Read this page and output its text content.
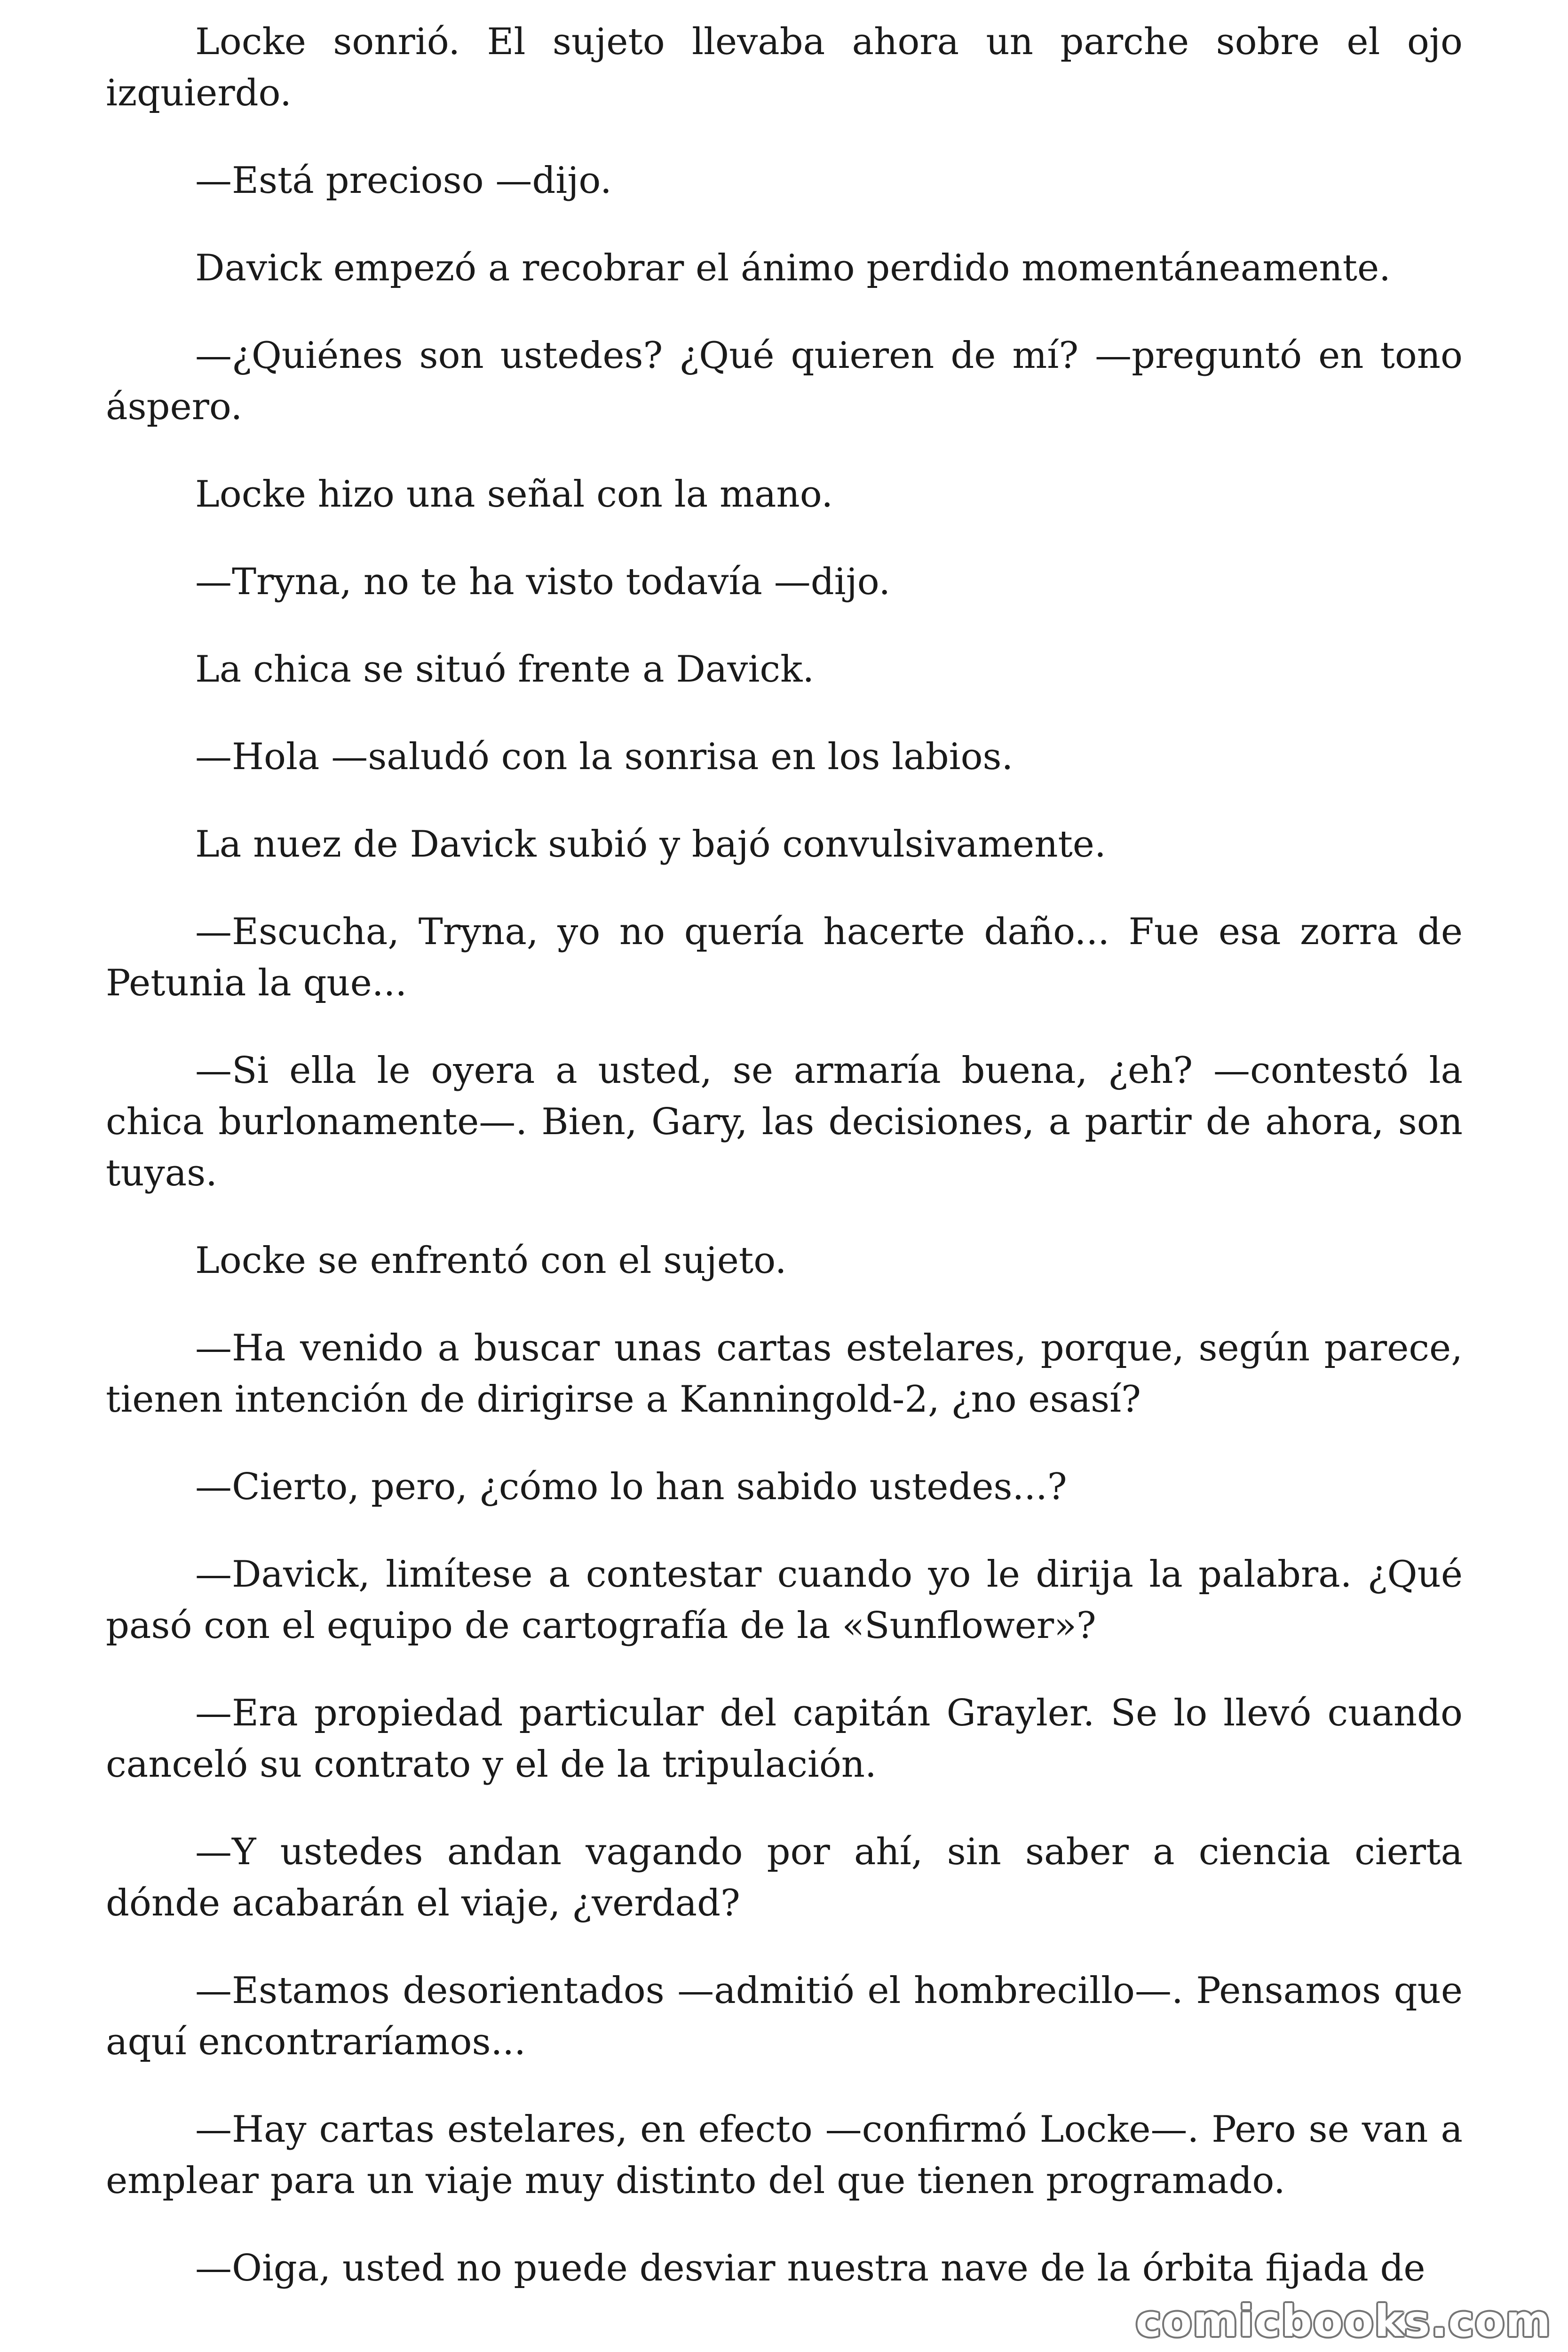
Locke sonrió. El sujeto llevaba ahora un parche sobre el ojo izquierdo.

—Está precioso —dijo.

Davick empezó a recobrar el ánimo perdido momentáneamente.

—¿Quiénes son ustedes? ¿Qué quieren de mí? —preguntó en tono áspero.

Locke hizo una señal con la mano.

—Tryna, no te ha visto todavía —dijo.

La chica se situó frente a Davick.

—Hola —saludó con la sonrisa en los labios.

La nuez de Davick subió y bajó convulsivamente.

—Escucha, Tryna, yo no quería hacerte daño... Fue esa zorra de Petunia la que...

—Si ella le oyera a usted, se armaría buena, ¿eh? —contestó la chica burlonamente—. Bien, Gary, las decisiones, a partir de ahora, son tuyas.

Locke se enfrentó con el sujeto.

—Ha venido a buscar unas cartas estelares, porque, según parece, tienen intención de dirigirse a Kanningold-2, ¿no esasí?

—Cierto, pero, ¿cómo lo han sabido ustedes...?

—Davick, limítese a contestar cuando yo le dirija la palabra. ¿Qué pasó con el equipo de cartografía de la «Sunflower»?

—Era propiedad particular del capitán Grayler. Se lo llevó cuando canceló su contrato y el de la tripulación.

—Y ustedes andan vagando por ahí, sin saber a ciencia cierta dónde acabarán el viaje, ¿verdad?

—Estamos desorientados —admitió el hombrecillo—. Pensamos que aquí encontraríamos...

—Hay cartas estelares, en efecto —confirmó Locke—. Pero se van a emplear para un viaje muy distinto del que tienen programado.

—Oiga, usted no puede desviar nuestra nave de la órbita fijada de

comicbooks.com
